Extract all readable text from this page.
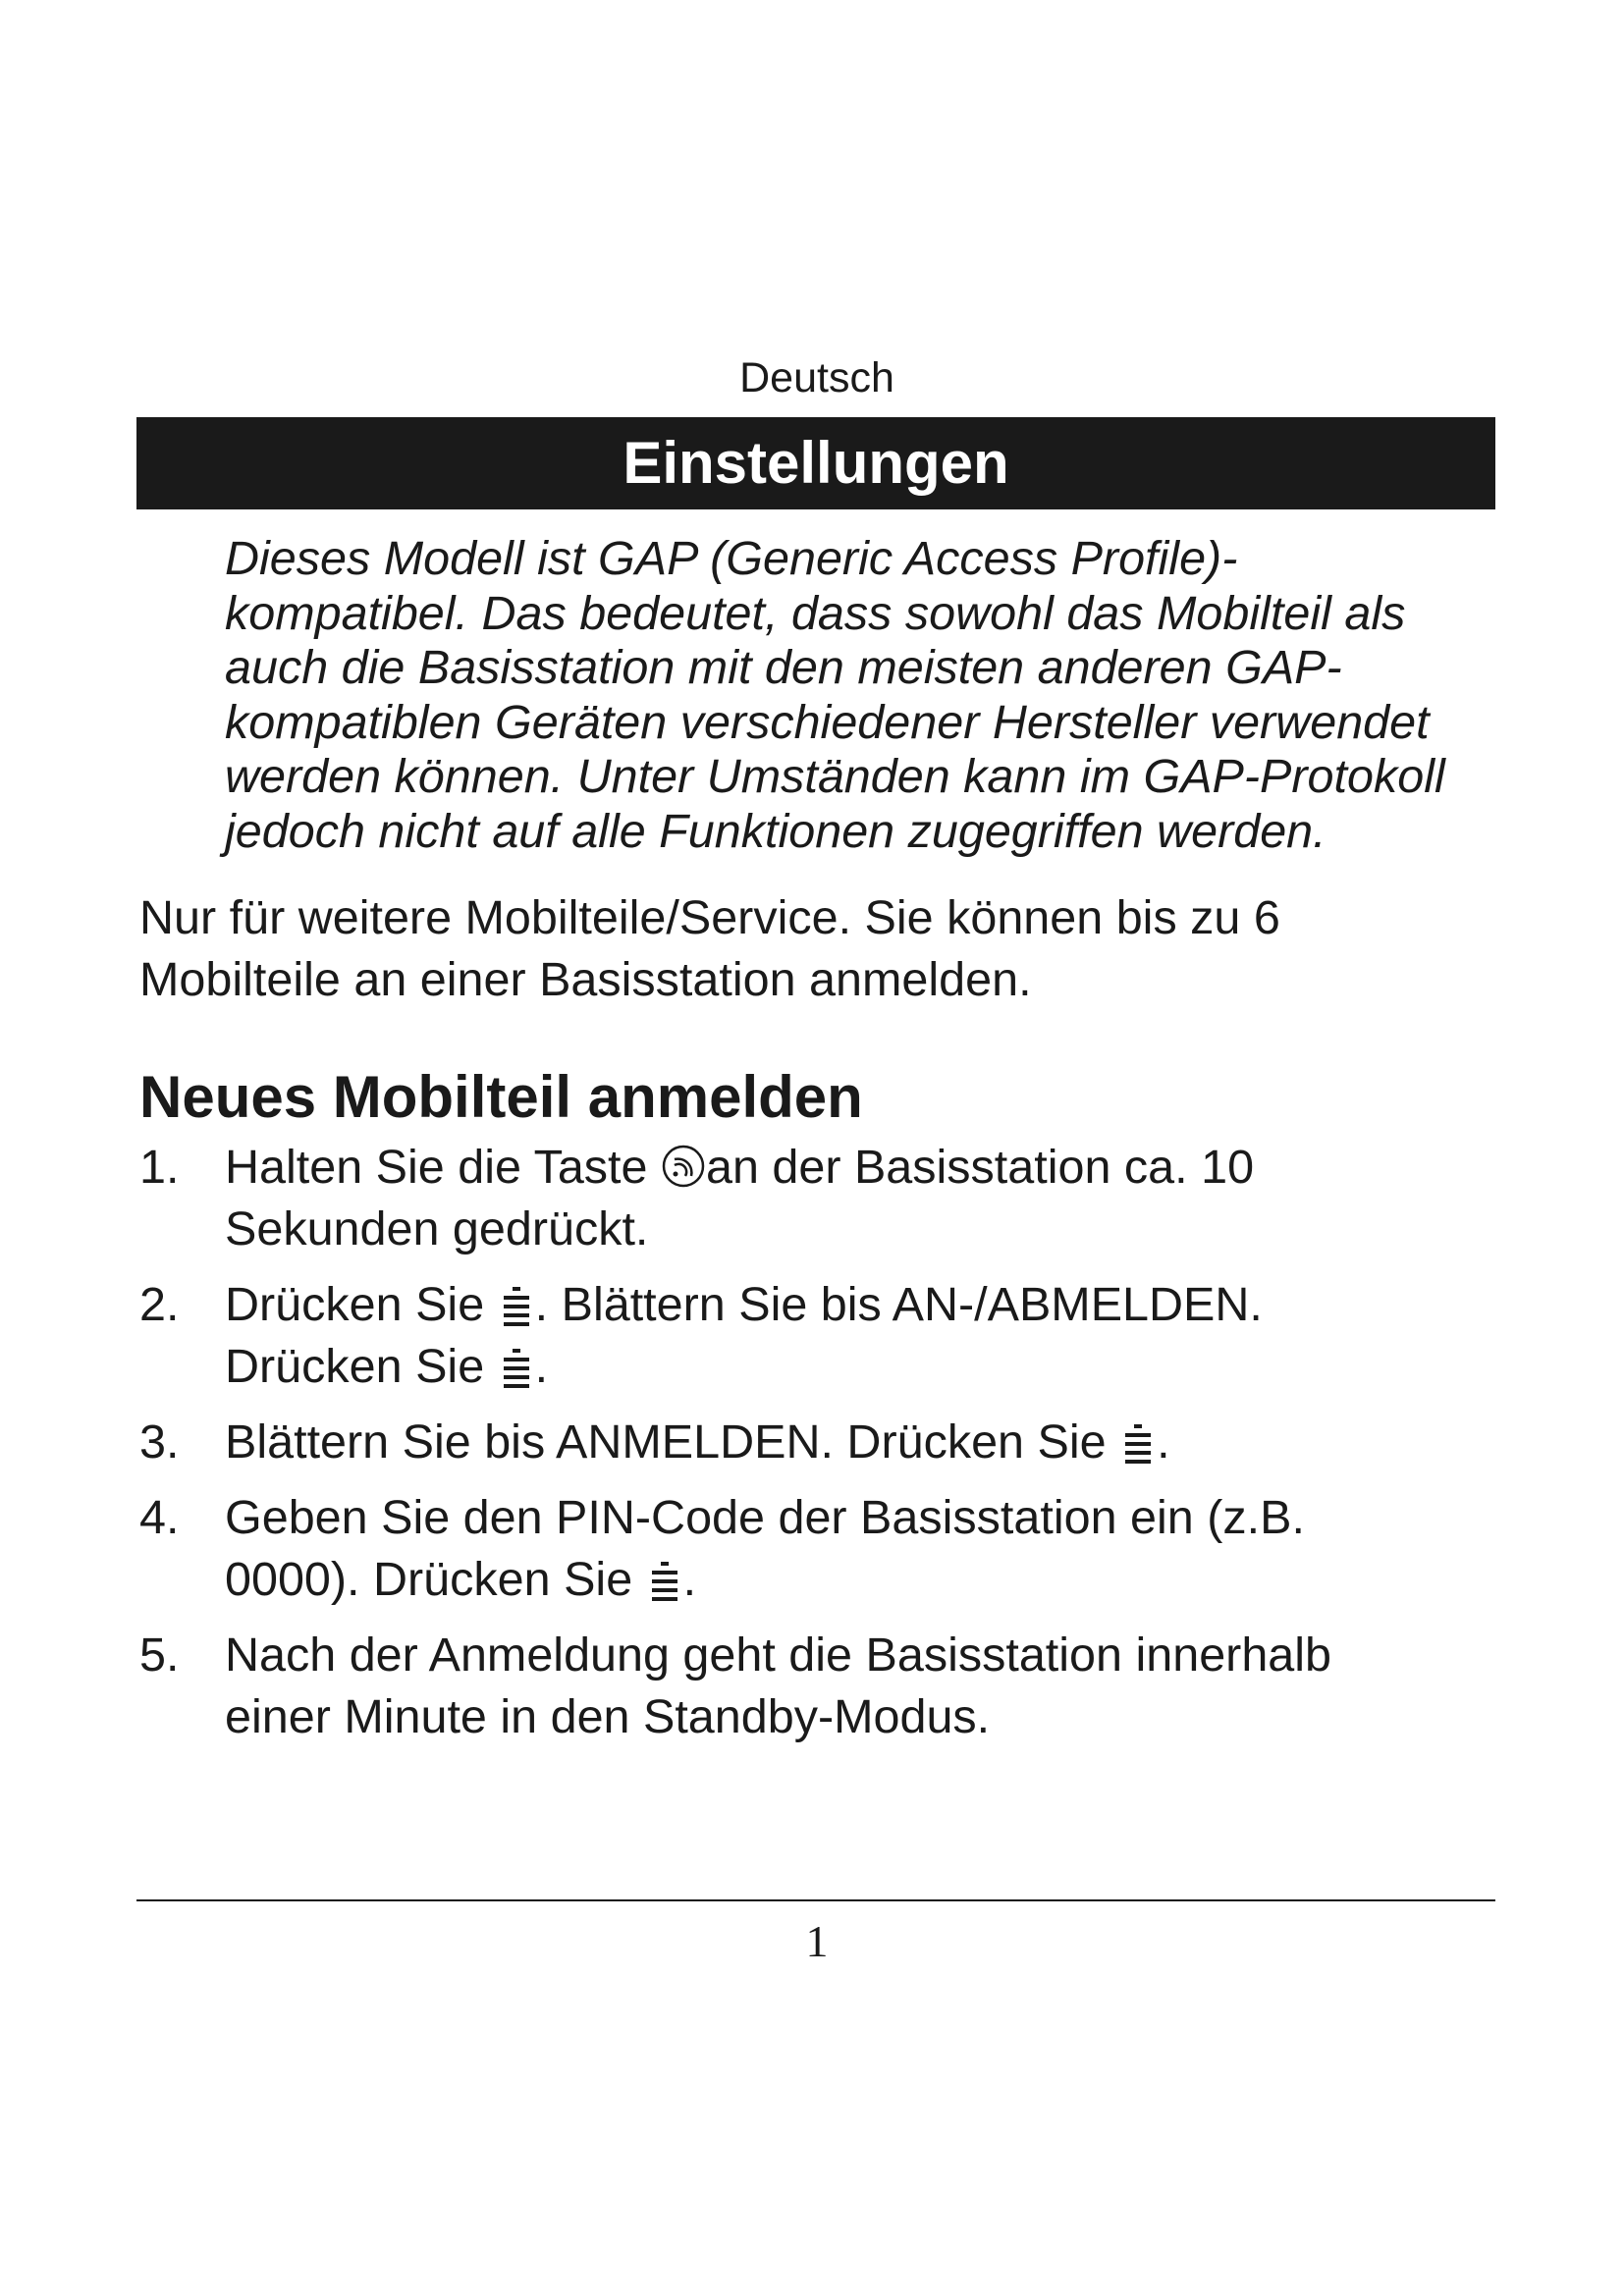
Deutsch
Einstellungen
Dieses Modell ist GAP (Generic Access Profile)-
kompatibel. Das bedeutet, dass sowohl das Mobilteil als
auch die Basisstation mit den meisten anderen GAP-
kompatiblen Geräten verschiedener Hersteller verwendet
werden können. Unter Umständen kann im GAP-Protokoll
jedoch nicht auf alle Funktionen zugegriffen werden.
Nur für weitere Mobilteile/Service. Sie können bis zu 6
Mobilteile an einer Basisstation anmelden.
Neues Mobilteil anmelden
1. Halten Sie die Taste an der Basisstation ca. 10
Sekunden gedrückt.
2. Drücken Sie . Blättern Sie bis AN-/ABMELDEN.
Drücken Sie .
3. Blättern Sie bis ANMELDEN. Drücken Sie .
4. Geben Sie den PIN-Code der Basisstation ein (z.B.
0000). Drücken Sie .
5. Nach der Anmeldung geht die Basisstation innerhalb
einer Minute in den Standby-Modus.
1
